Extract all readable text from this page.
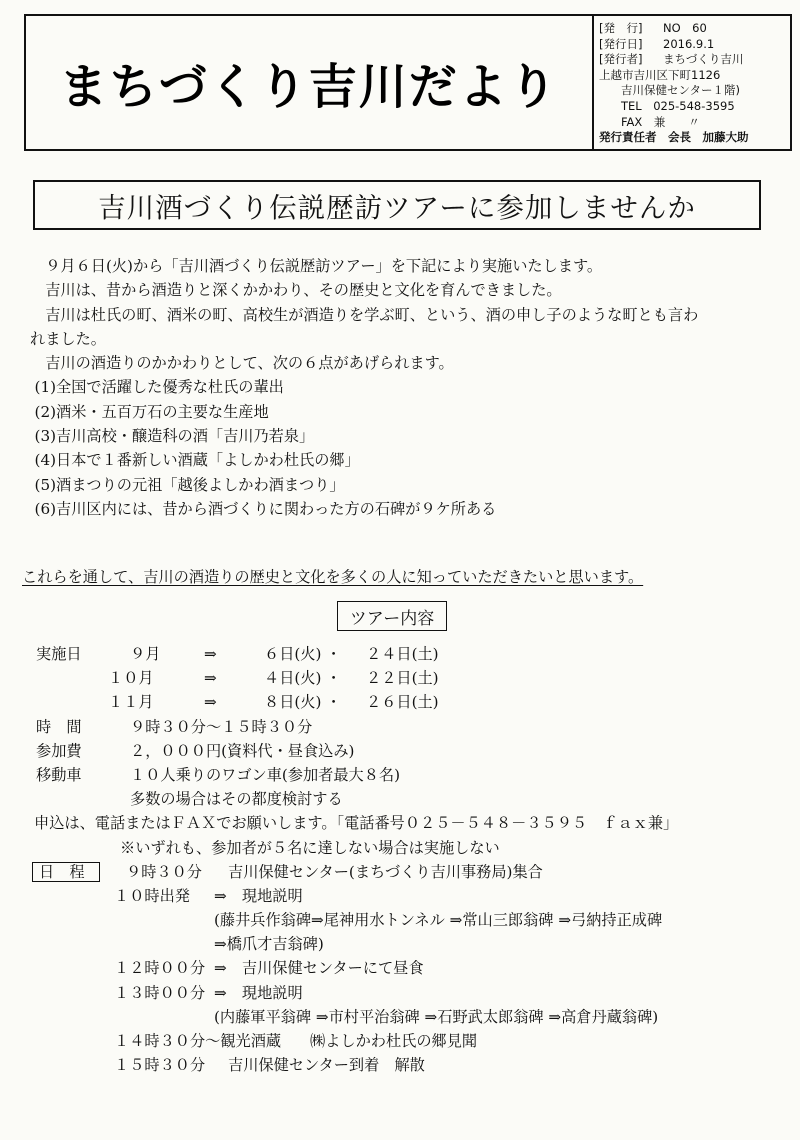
まちづくり吉川だより
[発　行] NO　60
[発行日] 2016.9.1
[発行者] まちづくり吉川
上越市吉川区下町1126
吉川保健センター１階)
TEL　025-548-3595
FAX　兼　　〃
発行責任者　会長　加藤大助
吉川酒づくり伝説歴訪ツアーに参加しませんか

９月６日(火)から「吉川酒づくり伝説歴訪ツアー」を下記により実施いたします。

吉川は、昔から酒造りと深くかかわり、その歴史と文化を育んできました。

吉川は杜氏の町、酒米の町、高校生が酒造りを学ぶ町、という、酒の申し子のような町とも言わ

れました。

吉川の酒造りのかかわりとして、次の６点があげられます。

(1)全国で活躍した優秀な杜氏の輩出

(2)酒米・五百万石の主要な生産地

(3)吉川高校・醸造科の酒「吉川乃若泉」

(4)日本で１番新しい酒蔵「よしかわ杜氏の郷」

(5)酒まつりの元祖「越後よしかわ酒まつり」

(6)吉川区内には、昔から酒づくりに関わった方の石碑が９ケ所ある

これらを通して、吉川の酒造りの歴史と文化を多くの人に知っていただきたいと思います。
ツアー内容
実施日	９月	⇒	６日(火) ・ ２４日(土)
１０月	⇒	４日(火) ・ ２２日(土)
１１月	⇒	８日(火) ・ ２６日(土)
時　間	９時３０分～１５時３０分
参加費	２，０００円(資料代・昼食込み)
移動車	１０人乗りのワゴン車(参加者最大８名)
多数の場合はその都度検討する
申込は、電話またはＦＡＸでお願いします。「電話番号０２５－５４８－３５９５　ｆａｘ兼」
※いずれも、参加者が５名に達しない場合は実施しない
日　程	９時３０分 吉川保健センター(まちづくり吉川事務局)集合
１０時出発 ⇒　現地説明
(藤井兵作翁碑⇒尾神用水トンネル ⇒常山三郎翁碑 ⇒弓納持正成碑
⇒橋爪才吉翁碑)
１２時００分 ⇒　吉川保健センターにて昼食
１３時００分 ⇒　現地説明
(内藤軍平翁碑 ⇒市村平治翁碑 ⇒石野武太郎翁碑 ⇒高倉丹蔵翁碑)
１４時３０分～観光酒蔵 ㈱よしかわ杜氏の郷見聞
１５時３０分 吉川保健センター到着　解散
